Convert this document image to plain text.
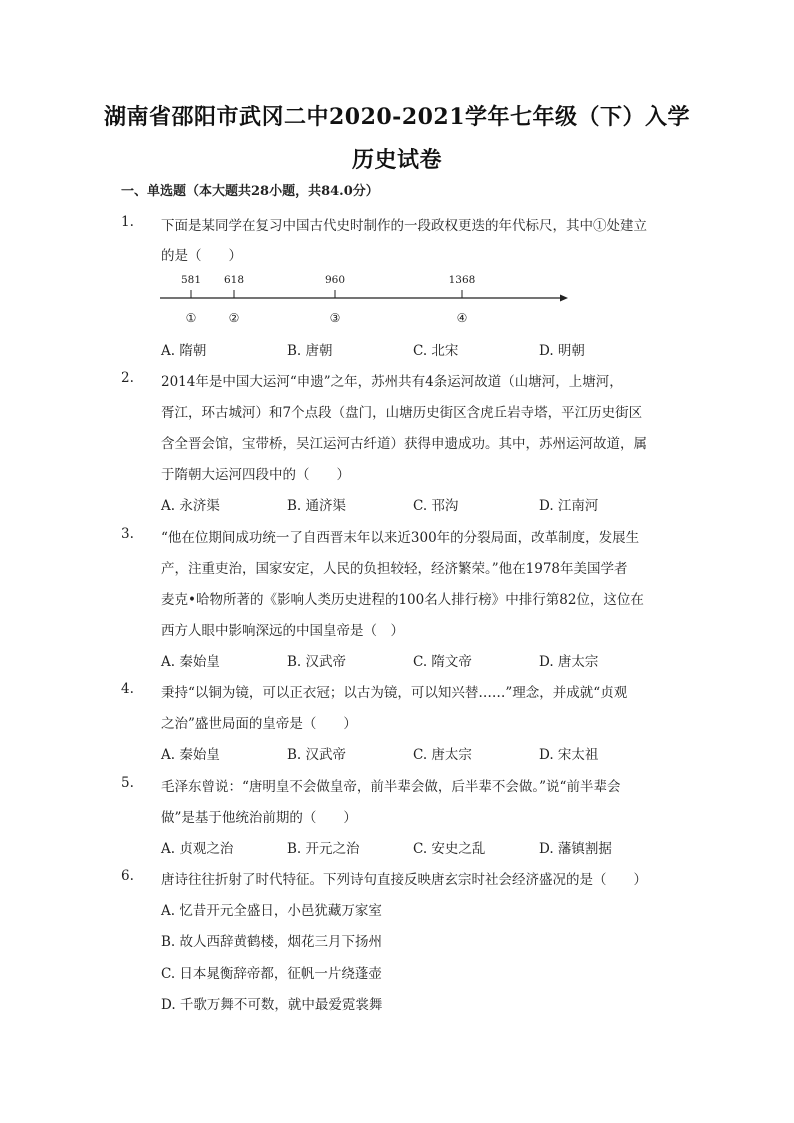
湖南省邵阳市武冈二中2020-2021学年七年级（下）入学
历史试卷
一、单选题（本大题共28小题，共84.0分）
1.	下面是某同学在复习中国古代史时制作的一段政权更迭的年代标尺，其中①处建立
的是（　　）
581 618	960	1368
①	②	③	④
A. 隋朝	B. 唐朝	C. 北宋	D. 明朝
2.	2014年是中国大运河“申遗”之年，苏州共有4条运河故道（山塘河，上塘河，
胥江，环古城河）和7个点段（盘门，山塘历史街区含虎丘岩寺塔，平江历史街区
含全晋会馆，宝带桥，吴江运河古纤道）获得申遗成功。其中，苏州运河故道，属
于隋朝大运河四段中的（　　）
A. 永济渠	B. 通济渠	C. 邗沟	D. 江南河
3.	“他在位期间成功统一了自西晋末年以来近300年的分裂局面，改革制度，发展生
产，注重吏治，国家安定，人民的负担较轻，经济繁荣。”他在1978年美国学者
麦克•哈物所著的《影响人类历史进程的100名人排行榜》中排行第82位，这位在
西方人眼中影响深远的中国皇帝是（　）
A. 秦始皇	B. 汉武帝	C. 隋文帝	D. 唐太宗
4.	秉持“以铜为镜，可以正衣冠；以古为镜，可以知兴替……”理念，并成就“贞观
之治”盛世局面的皇帝是（　　）
A. 秦始皇	B. 汉武帝	C. 唐太宗	D. 宋太祖
5.	毛泽东曾说：“唐明皇不会做皇帝，前半辈会做，后半辈不会做。”说“前半辈会
做”是基于他统治前期的（　　）
A. 贞观之治	B. 开元之治	C. 安史之乱	D. 藩镇割据
6.	唐诗往往折射了时代特征。下列诗句直接反映唐玄宗时社会经济盛况的是（　　）
A. 忆昔开元全盛日，小邑犹藏万家室
B. 故人西辞黄鹤楼，烟花三月下扬州
C. 日本晁衡辞帝都，征帆一片绕蓬壶
D. 千歌万舞不可数，就中最爱霓裳舞
